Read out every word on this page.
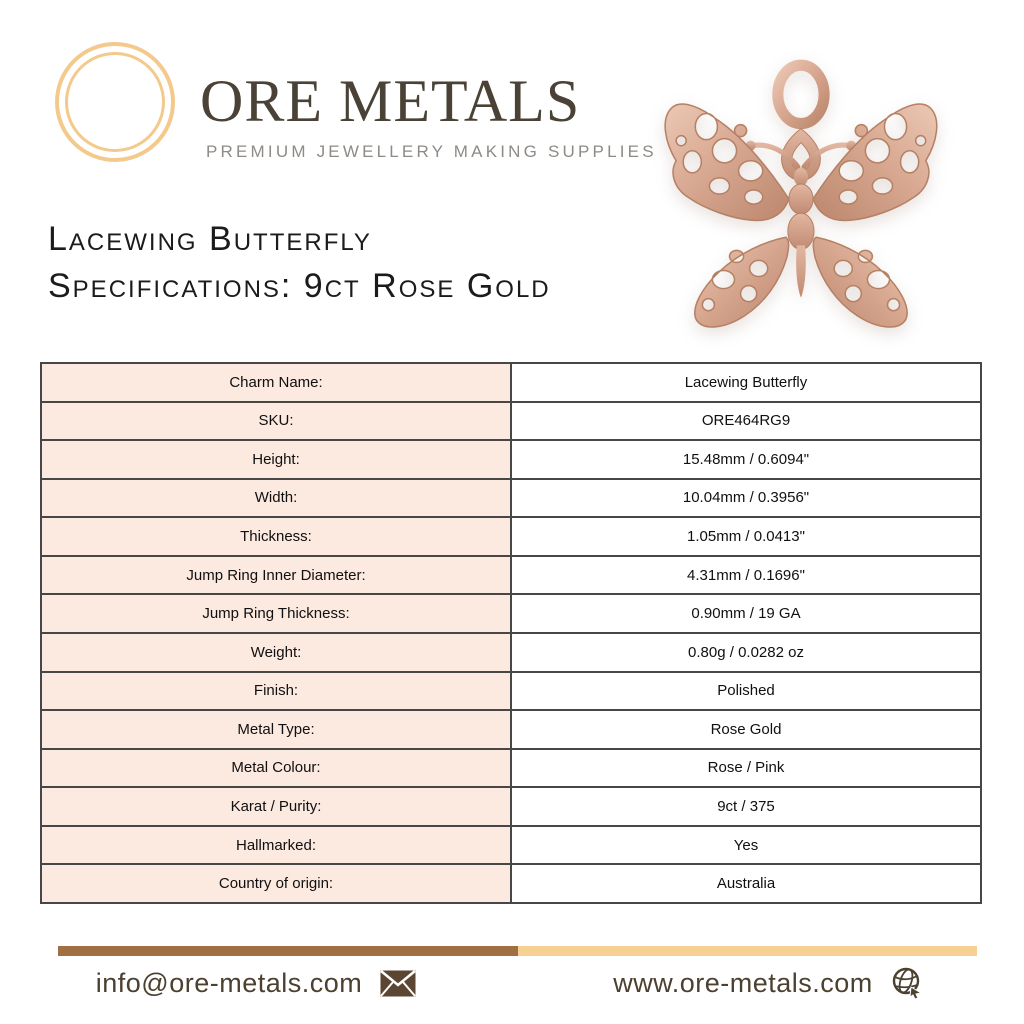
ORE METALS
PREMIUM JEWELLERY MAKING SUPPLIES
Lacewing Butterfly
Specifications: 9ct Rose Gold
Charm Name:	Lacewing Butterfly
SKU:	ORE464RG9
Height:	15.48mm / 0.6094"
Width:	10.04mm / 0.3956"
Thickness:	1.05mm / 0.0413"
Jump Ring Inner Diameter:	4.31mm / 0.1696"
Jump Ring Thickness:	0.90mm / 19 GA
Weight:	0.80g / 0.0282 oz
Finish:	Polished
Metal Type:	Rose Gold
Metal Colour:	Rose / Pink
Karat / Purity:	9ct / 375
Hallmarked:	Yes
Country of origin:	Australia
info@ore-metals.com	www.ore-metals.com
